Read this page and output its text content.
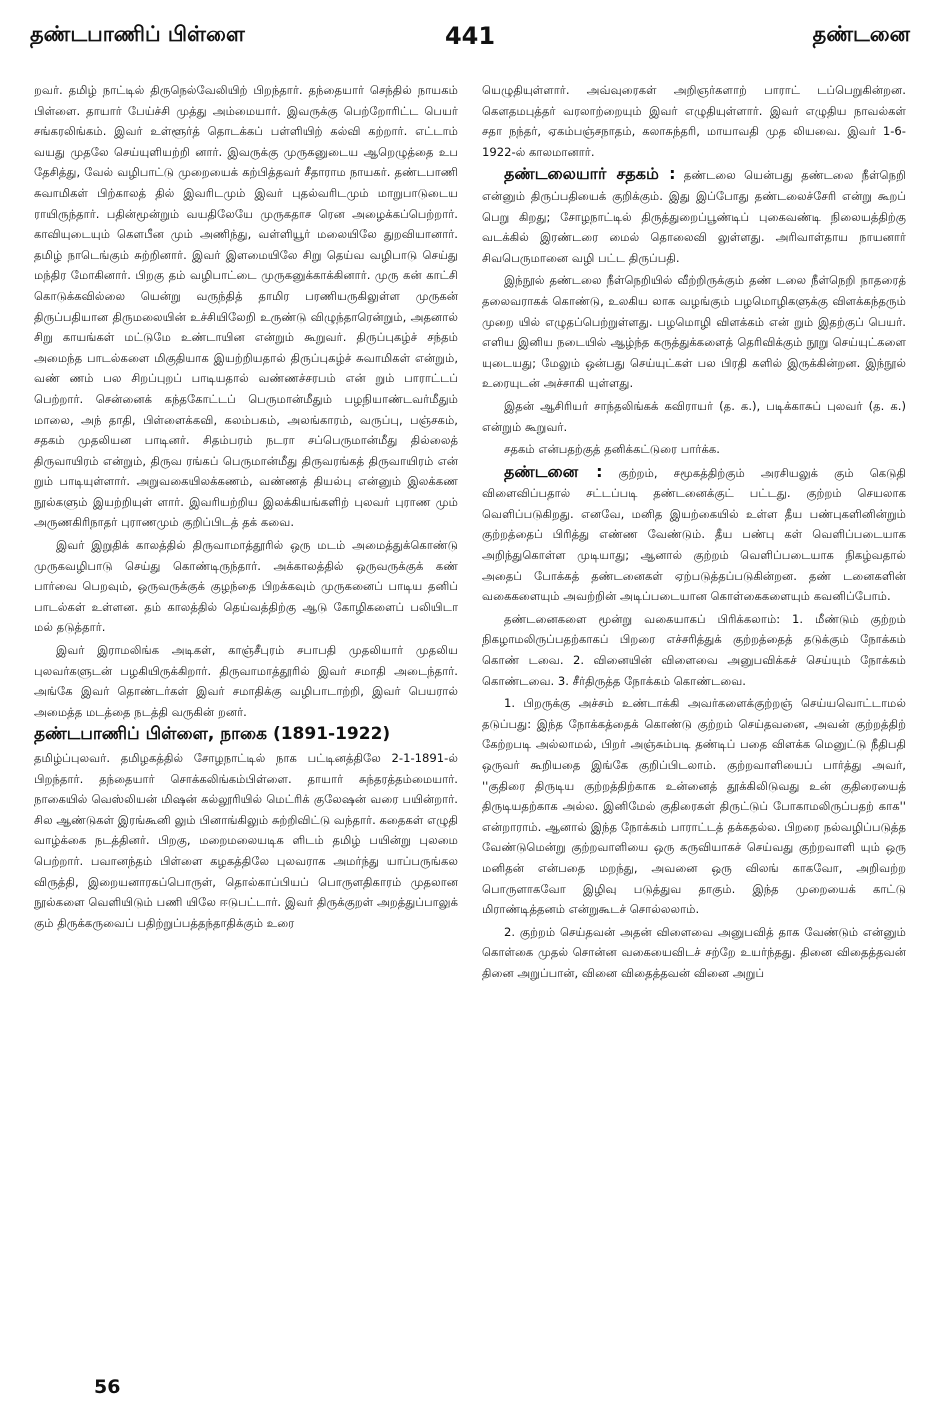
தண்டபாணிப் பிள்ளை	441	தண்டனை

றவர். தமிழ் நாட்டில் திருநெல்வேலியிற் பிறந்தார். தந்தையார் செந்தில் நாயகம் பிள்ளை. தாயார் பேய்ச்சி முத்து அம்மையார். இவருக்கு பெற்றோரிட்ட பெயர் சங்கரலிங்கம். இவர் உள்ளூர்த் தொடக்கப் பள்ளியிற் கல்வி கற்றார். எட்டாம் வயது முதலே செய்யுளியற்றி னார். இவருக்கு முருகனுடைய ஆறெழுத்தை உப தேசித்து, வேல் வழிபாட்டு முறையைக் கற்பித்தவர் சீதாராம நாயகர். தண்டபாணி சுவாமிகள் பிற்காலத் தில் இவரிடமும் இவர் புதல்வரிடமும் மாறுபாடுடைய ராயிருந்தார். பதின்மூன்றும் வயதிலேயே முருகதாச ரென அழைக்கப்பெற்றார். காவியுடையும் கௌபீன மும் அணிந்து, வள்ளியூர் மலையிலே துறவியானார். தமிழ் நாடெங்கும் சுற்றினார். இவர் இளமையிலே சிறு தெய்வ வழிபாடு செய்து மந்திர மோகினார். பிறகு தம் வழிபாட்டை முருகனுக்காக்கினார். முரு கன் காட்சி கொடுக்கவில்லை யென்று வருந்தித் தாமிர பரணியருகிலுள்ள முருகன் திருப்பதியான திருமலையின் உச்சியிலேறி உருண்டு விழுந்தாரென்றும், அதனால் சிறு காயங்கள் மட்டுமே உண்டாயின என்றும் கூறுவர். திருப்புகழ்ச் சந்தம் அமைந்த பாடல்களை மிகுதியாக இயற்றியதால் திருப்புகழ்ச் சுவாமிகள் என்றும், வண் ணம் பல சிறப்புறப் பாடியதால் வண்ணச்சரபம் என் றும் பாராட்டப் பெற்றார். சென்னைக் கந்தகோட்டப் பெருமான்மீதும் பழநியாண்டவர்மீதும் மாலை, அந் தாதி, பிள்ளைக்கவி, கலம்பகம், அலங்காரம், வருப்பு, பஞ்சகம், சதகம் முதலியன பாடினர். சிதம்பரம் நடரா சப்பெருமான்மீது தில்லைத் திருவாயிரம் என்றும், திருவ ரங்கப் பெருமான்மீது திருவரங்கத் திருவாயிரம் என் றும் பாடியுள்ளார். அறுவகையிலக்கணம், வண்ணத் தியல்பு என்னும் இலக்கண நூல்களும் இயற்றியுள் ளார். இவரியற்றிய இலக்கியங்களிற் புலவர் புராண மும் அருணகிரிநாதர் புராணமும் குறிப்பிடத் தக் கவை.

இவர் இறுதிக் காலத்தில் திருவாமாத்தூரில் ஒரு மடம் அமைத்துக்கொண்டு முருகவழிபாடு செய்து கொண்டிருந்தார். அக்காலத்தில் ஒருவருக்குக் கண் பார்வை பெறவும், ஒருவருக்குக் குழந்தை பிறக்கவும் முருகனைப் பாடிய தனிப் பாடல்கள் உள்ளன. தம் காலத்தில் தெய்வத்திற்கு ஆடு கோழிகளைப் பலியிடா மல் தடுத்தார்.

இவர் இராமலிங்க அடிகள், காஞ்சீபுரம் சபாபதி முதலியார் முதலிய புலவர்களுடன் பழகியிருக்கிறார். திருவாமாத்தூரில் இவர் சமாதி அடைந்தார். அங்கே இவர் தொண்டர்கள் இவர் சமாதிக்கு வழிபாடாற்றி, இவர் பெயரால் அமைத்த மடத்தை நடத்தி வருகின் றனர்.

தண்டபாணிப் பிள்ளை, நாகை (1891-1922)

தமிழ்ப்புலவர். தமிழகத்தில் சோழநாட்டில் நாக பட்டினத்திலே 2-1-1891-ல் பிறந்தார். தந்தையார் சொக்கலிங்கம்பிள்ளை. தாயார் சுந்தரத்தம்மையார். நாகையில் வெஸ்லியன் மிஷன் கல்லூரியில் மெட்ரிக் குலேஷன் வரை பயின்றார். சில ஆண்டுகள் இரங்கூனி லும் பினாங்கிலும் சுற்றிவிட்டு வந்தார். கதைகள் எழுதி வாழ்க்கை நடத்தினர். பிறகு, மறைமலையடிக ளிடம் தமிழ் பயின்று புலமை பெற்றார். பவானந்தம் பிள்ளை கழகத்திலே புலவராக அமர்ந்து யாப்பருங்கல விருத்தி, இறையனாரகப்பொருள், தொல்காப்பியப் பொருளதிகாரம் முதலான நூல்களை வெளியிடும் பணி யிலே ஈடுபட்டார். இவர் திருக்குறள் அறத்துப்பாலுக் கும் திருக்கருவைப் பதிற்றுப்பத்தந்தாதிக்கும் உரை

யெழுதியுள்ளார். அவ்வுரைகள் அறிஞர்களாற் பாராட் டப்பெறுகின்றன. கௌதமபுத்தர் வரலாற்றையும் இவர் எழுதியுள்ளார். இவர் எழுதிய நாவல்கள் சதா நந்தர், ஏகம்பஞ்சநாதம், கலாசுந்தரி, மாயாவதி முத லியவை. இவர் 1-6-1922-ல் காலமானார்.

தண்டலையார் சதகம் : தண்டலை யென்பது தண்டலை நீள்நெறி என்னும் திருப்பதியைக் குறிக்கும். இது இப்போது தண்டலைச்சேரி என்று கூறப் பெறு கிறது; சோழநாட்டில் திருத்துறைப்பூண்டிப் புகைவண்டி நிலையத்திற்கு வடக்கில் இரண்டரை மைல் தொலைவி லுள்ளது. அரிவாள்தாய நாயனார் சிவபெருமானை வழி பட்ட திருப்பதி.

இந்நூல் தண்டலை நீள்நெறியில் வீற்றிருக்கும் தண் டலை நீள்நெறி நாதரைத் தலைவராகக் கொண்டு, உலகிய லாக வழங்கும் பழமொழிகளுக்கு விளக்கந்தரும் முறை யில் எழுதப்பெற்றுள்ளது. பழமொழி விளக்கம் என் றும் இதற்குப் பெயர். எளிய இனிய நடையில் ஆழ்ந்த கருத்துக்களைத் தெரிவிக்கும் நூறு செய்யுட்களை யுடையது; மேலும் ஒன்பது செய்யுட்கள் பல பிரதி களில் இருக்கின்றன. இந்நூல் உரையுடன் அச்சாகி யுள்ளது.

இதன் ஆசிரியர் சாந்தலிங்கக் கவிராயர் (த. க.), படிக்காசுப் புலவர் (த. க.) என்றும் கூறுவர்.

சதகம் என்பதற்குத் தனிக்கட்டுரை பார்க்க.

தண்டனை : குற்றம், சமூகத்திற்கும் அரசியலுக் கும் கெடுதி விளைவிப்பதால் சட்டப்படி தண்டனைக்குட் பட்டது. குற்றம் செயலாக வெளிப்படுகிறது. எனவே, மனித இயற்கையில் உள்ள தீய பண்புகளினின்றும் குற்றத்தைப் பிரித்து எண்ண வேண்டும். தீய பண்பு கள் வெளிப்படையாக அறிந்துகொள்ள முடியாது; ஆனால் குற்றம் வெளிப்படையாக நிகழ்வதால் அதைப் போக்கத் தண்டனைகள் ஏற்படுத்தப்படுகின்றன. தண் டனைகளின் வகைகளையும் அவற்றின் அடிப்படையான கொள்கைகளையும் கவனிப்போம்.

தண்டனைகளை மூன்று வகையாகப் பிரிக்கலாம்: 1. மீண்டும் குற்றம் நிகழாமலிருப்பதற்காகப் பிறரை எச்சரித்துக் குற்றத்தைத் தடுக்கும் நோக்கம் கொண் டவை. 2. வினையின் விளைவை அனுபவிக்கச் செய்யும் நோக்கம் கொண்டவை. 3. சீர்திருத்த நோக்கம் கொண்டவை.

1. பிறருக்கு அச்சம் உண்டாக்கி அவர்களைக்குற்றஞ் செய்யவொட்டாமல் தடுப்பது: இந்த நோக்கத்தைக் கொண்டு குற்றம் செய்தவனை, அவன் குற்றத்திற் கேற்றபடி அல்லாமல், பிறர் அஞ்சும்படி தண்டிப் பதை விளக்க மெனுட்டு நீதிபதி ஒருவர் கூறியதை இங்கே குறிப்பிடலாம். குற்றவாளியைப் பார்த்து அவர், ''குதிரை திருடிய குற்றத்திற்காக உன்னைத் தூக்கிலிடுவது உன் குதிரையைத் திருடியதற்காக அல்ல. இனிமேல் குதிரைகள் திருட்டுப் போகாமலிருப்பதற் காக'' என்றாராம். ஆனால் இந்த நோக்கம் பாராட்டத் தக்கதல்ல. பிறரை நல்வழிப்படுத்த வேண்டுமென்று குற்றவாளியை ஒரு கருவியாகச் செய்வது குற்றவாளி யும் ஒரு மனிதன் என்பதை மறந்து, அவனை ஒரு விலங் காகவோ, அறிவற்ற பொருளாகவோ இழிவு படுத்துவ தாகும். இந்த முறையைக் காட்டு மிராண்டித்தனம் என்றுகூடச் சொல்லலாம்.

2. குற்றம் செய்தவன் அதன் விளைவை அனுபவித் தாக வேண்டும் என்னும் கொள்கை முதல் சொன்ன வகையைவிடச் சற்றே உயர்ந்தது. தினை விதைத்தவன் தினை அறுப்பான், வினை விதைத்தவன் வினை அறுப்

56
